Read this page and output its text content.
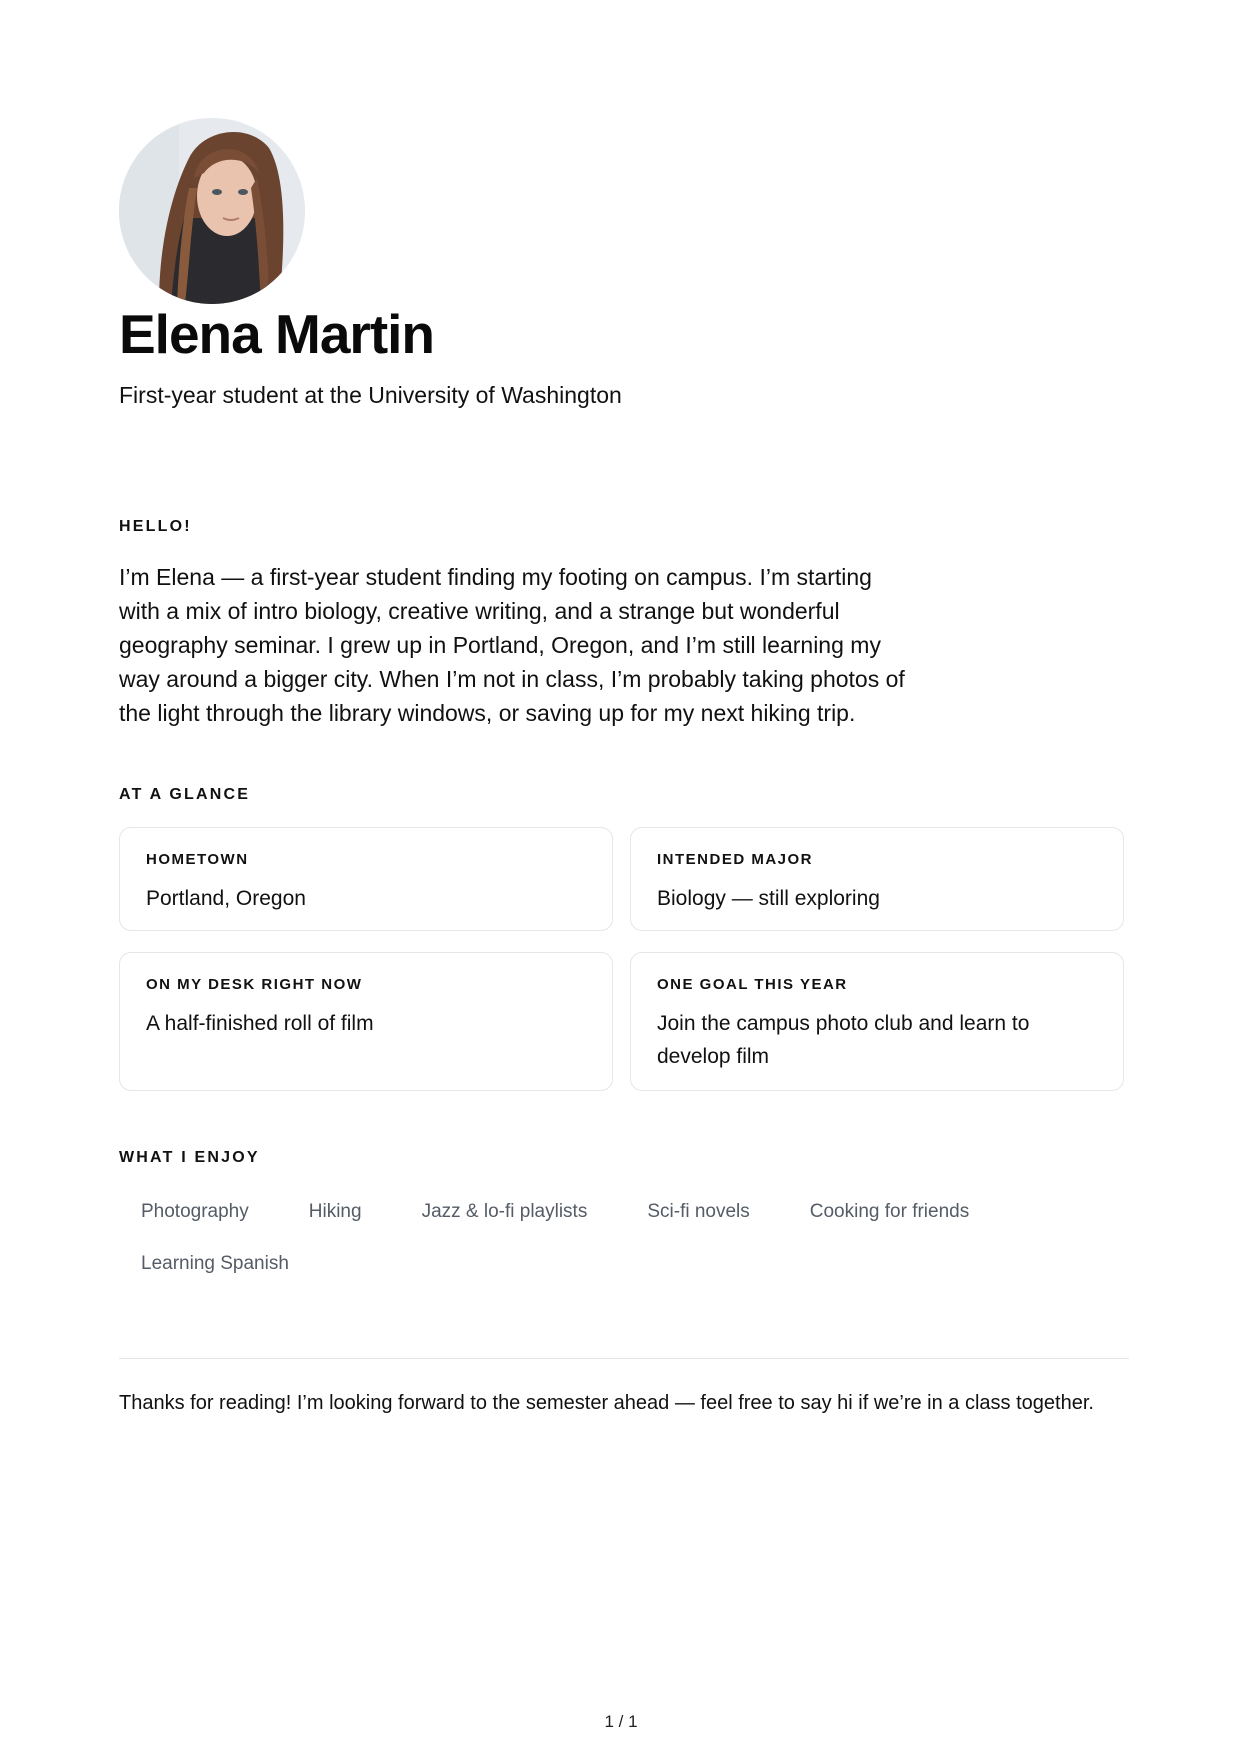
Elena Martin
First-year student at the University of Washington
HELLO!
I’m Elena — a first-year student finding my footing on campus. I’m starting with a mix of intro biology, creative writing, and a strange but wonderful geography seminar. I grew up in Portland, Oregon, and I’m still learning my way around a bigger city. When I’m not in class, I’m probably taking photos of the light through the library windows, or saving up for my next hiking trip.
AT A GLANCE
HOMETOWN
Portland, Oregon
INTENDED MAJOR
Biology — still exploring
ON MY DESK RIGHT NOW
A half-finished roll of film
ONE GOAL THIS YEAR
Join the campus photo club and learn to develop film
WHAT I ENJOY
Photography	Hiking	Jazz & lo-fi playlists	Sci-fi novels	Cooking for friends
Learning Spanish
Thanks for reading! I’m looking forward to the semester ahead — feel free to say hi if we’re in a class together.
1 / 1
